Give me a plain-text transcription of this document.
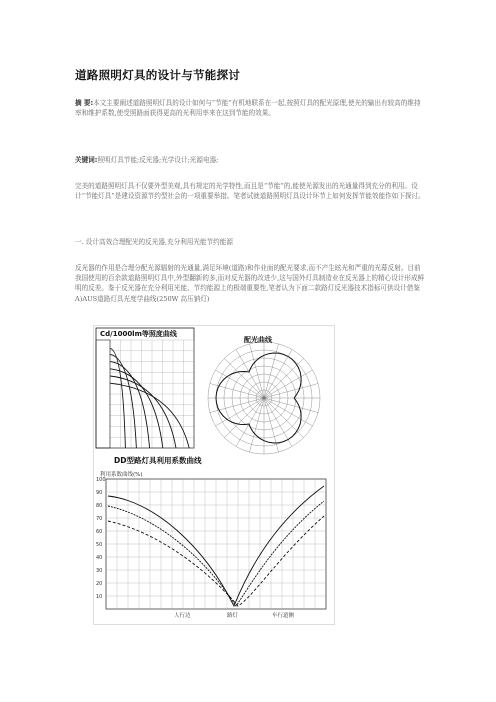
道路照明灯具的设计与节能探讨
摘 要:本文主要阐述道路照明灯具的设计如何与“节能”有机地联系在一起,按照灯具的配光原理,使光的输出有较高的维持率和维护系数,使受照路面获得更高的光利用率来在这到节能的效果。
关键词:照明灯具节能;反光器;光学设计;光源电器;
完美的道路照明灯具不仅要外型美观,具有规定的光学特性,而且是“节能”的,能使光源发出的光通量得到充分的利用。设计“节能灯具”是建设资源节约型社会的一项重要举措。笔者试就道路照明灯具设计环节上如何发挥节能效能作如下探讨。
一. 设计高效合理配光的反光器,充分利用光能节约能源
反光器的作用是合理分配光源辐射的光通量,满足环境(道路)和作业面的配光要求,而不产生眩光和严重的光幕反射。目前我国使用的百余款道路照明灯具中,外型翻新的多,而对反光器的改进少,这与国外灯具制造业在反光器上的精心设计形成鲜明的反差。鉴于反光器在充分利用光能、节约能源上的极端重要性,笔者认为下面二款路灯反光器技术指标可供设计借鉴A)AUS道路灯具光度学曲线(250W 高压钠灯)
Cd/1000lm等照度曲线
配光曲线
DD型路灯具利用系数曲线
利用系数曲线(%)
100
90
80
70
60
50
40
30
20
10
人行边	路灯	车行道侧
